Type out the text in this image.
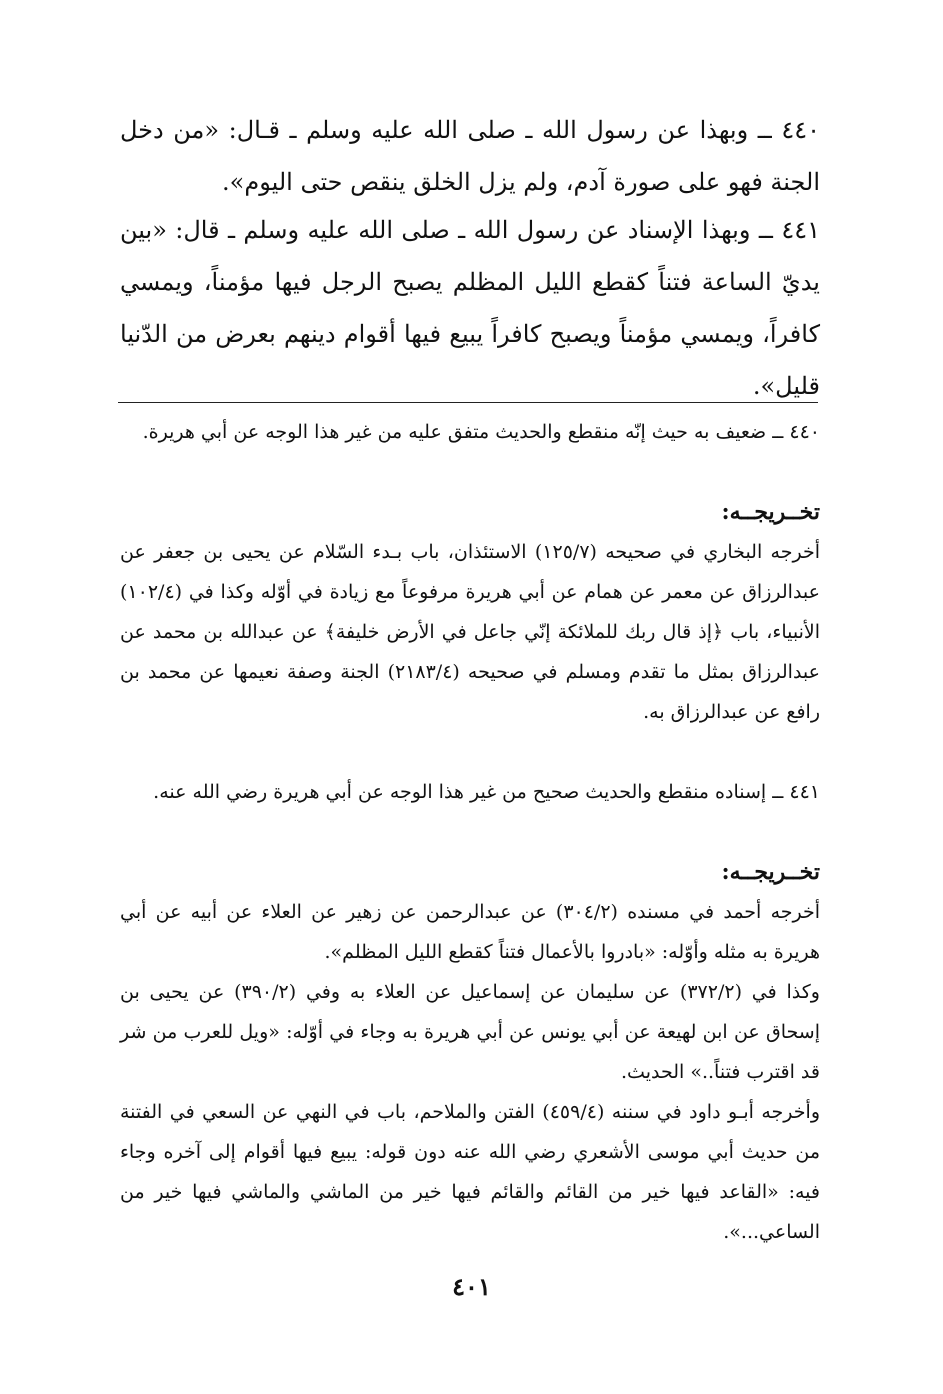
٤٤٠ ــ وبهذا عن رسول الله ـ صلى الله عليه وسلم ـ قـال: «من دخل الجنة فهو على صورة آدم، ولم يزل الخلق ينقص حتى اليوم».

٤٤١ ــ وبهذا الإسناد عن رسول الله ـ صلى الله عليه وسلم ـ قال: «بين يديّ الساعة فتناً كقطع الليل المظلم يصبح الرجل فيها مؤمناً، ويمسي كافراً، ويمسي مؤمناً ويصبح كافراً يبيع فيها أقوام دينهم بعرض من الدّنيا قليل».

٤٤٠ ــ ضعيف به حيث إنّه منقطع والحديث متفق عليه من غير هذا الوجه عن أبي هريرة.

تخــريجــه:

أخرجه البخاري في صحيحه (١٢٥/٧) الاستئذان، باب بـدء السّلام عن يحيى بن جعفر عن عبدالرزاق عن معمر عن همام عن أبي هريرة مرفوعاً مع زيادة في أوّله وكذا في (١٠٢/٤) الأنبياء، باب ﴿إذ قال ربك للملائكة إنّي جاعل في الأرض خليفة﴾ عن عبدالله بن محمد عن عبدالرزاق بمثل ما تقدم ومسلم في صحيحه (٢١٨٣/٤) الجنة وصفة نعيمها عن محمد بن رافع عن عبدالرزاق به.

٤٤١ ــ إسناده منقطع والحديث صحيح من غير هذا الوجه عن أبي هريرة رضي الله عنه.

تخــريجــه:

أخرجه أحمد في مسنده (٣٠٤/٢) عن عبدالرحمن عن زهير عن العلاء عن أبيه عن أبي هريرة به مثله وأوّله: «بادروا بالأعمال فتناً كقطع الليل المظلم».

وكذا في (٣٧٢/٢) عن سليمان عن إسماعيل عن العلاء به وفي (٣٩٠/٢) عن يحيى بن إسحاق عن ابن لهيعة عن أبي يونس عن أبي هريرة به وجاء في أوّله: «ويل للعرب من شر قد اقترب فتناً..» الحديث.

وأخرجه أبـو داود في سننه (٤٥٩/٤) الفتن والملاحم، باب في النهي عن السعي في الفتنة من حديث أبي موسى الأشعري رضي الله عنه دون قوله: يبيع فيها أقوام إلى آخره وجاء فيه: «القاعد فيها خير من القائم والقائم فيها خير من الماشي والماشي فيها خير من الساعي...».

٤٠١
